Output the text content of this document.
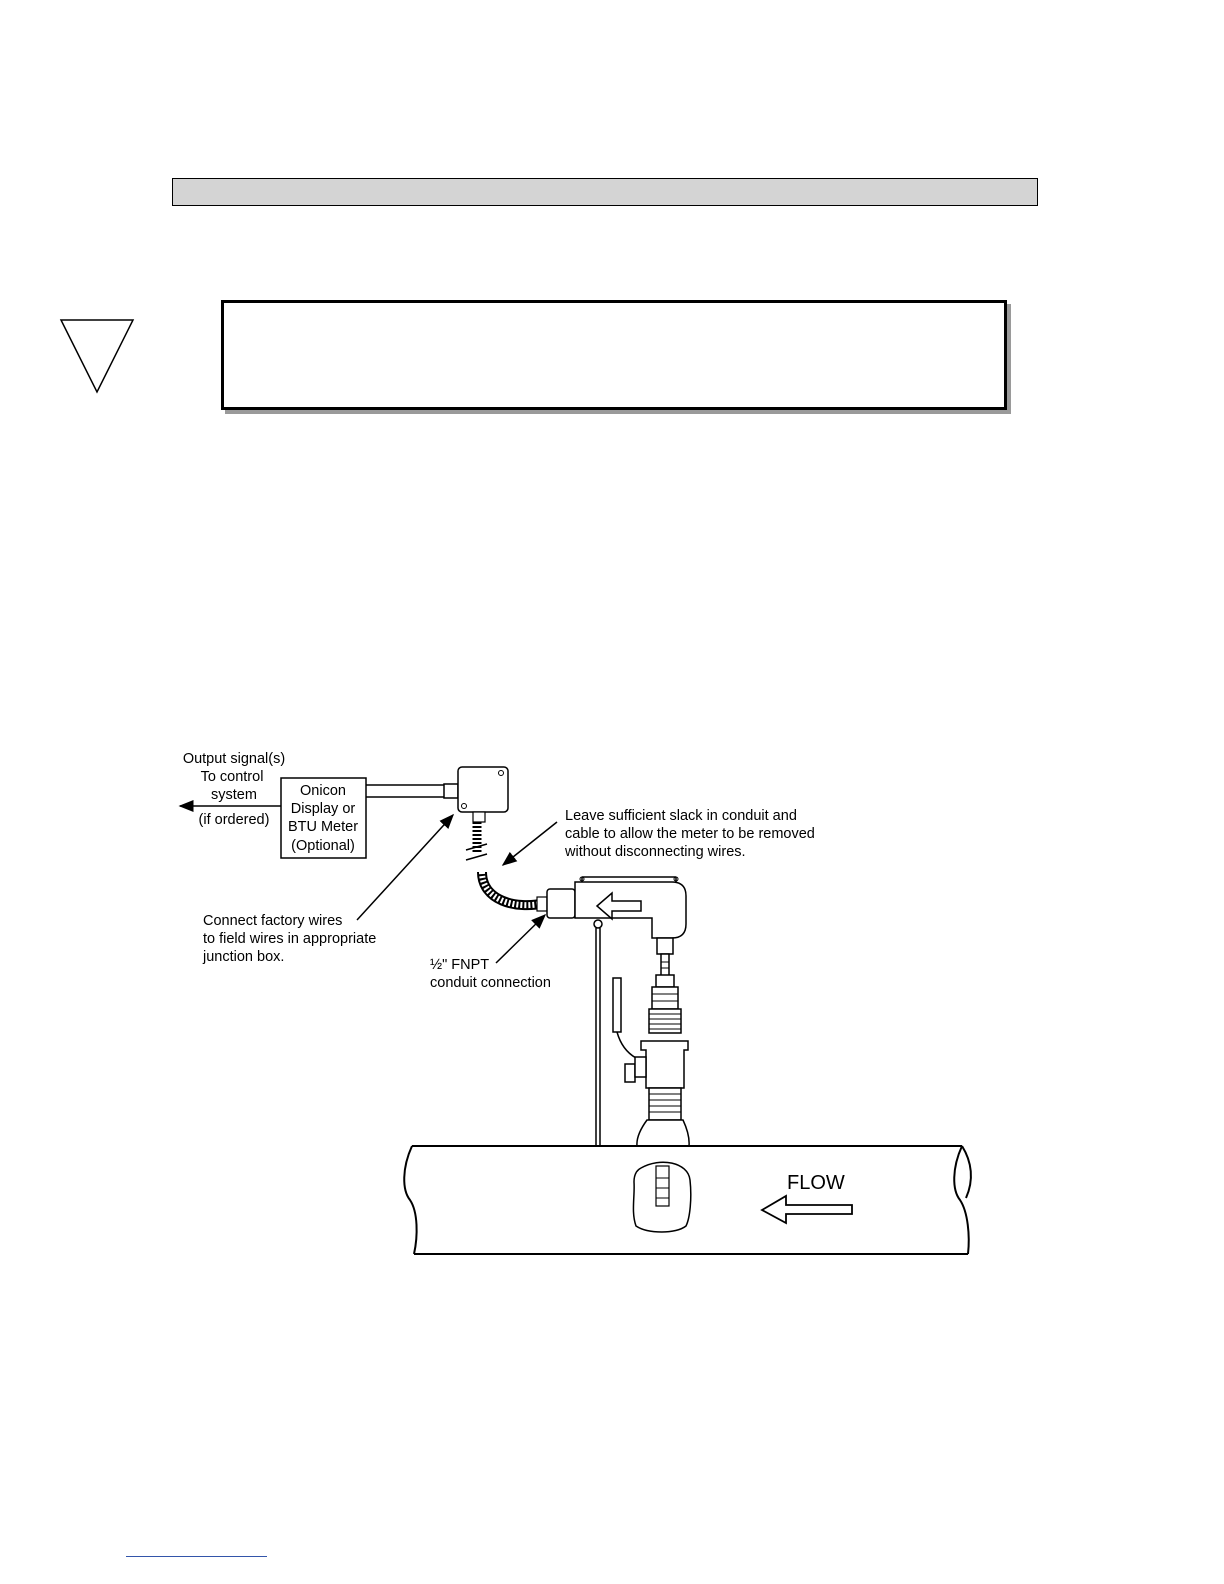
Output signal(s)
To control
system
(if ordered)
Onicon
Display or
BTU Meter
(Optional)
Leave sufficient slack in conduit and
cable to allow the meter to be removed
without disconnecting wires.
Connect factory wires
to field wires in appropriate
junction box.	½" FNPT
conduit connection
FLOW
